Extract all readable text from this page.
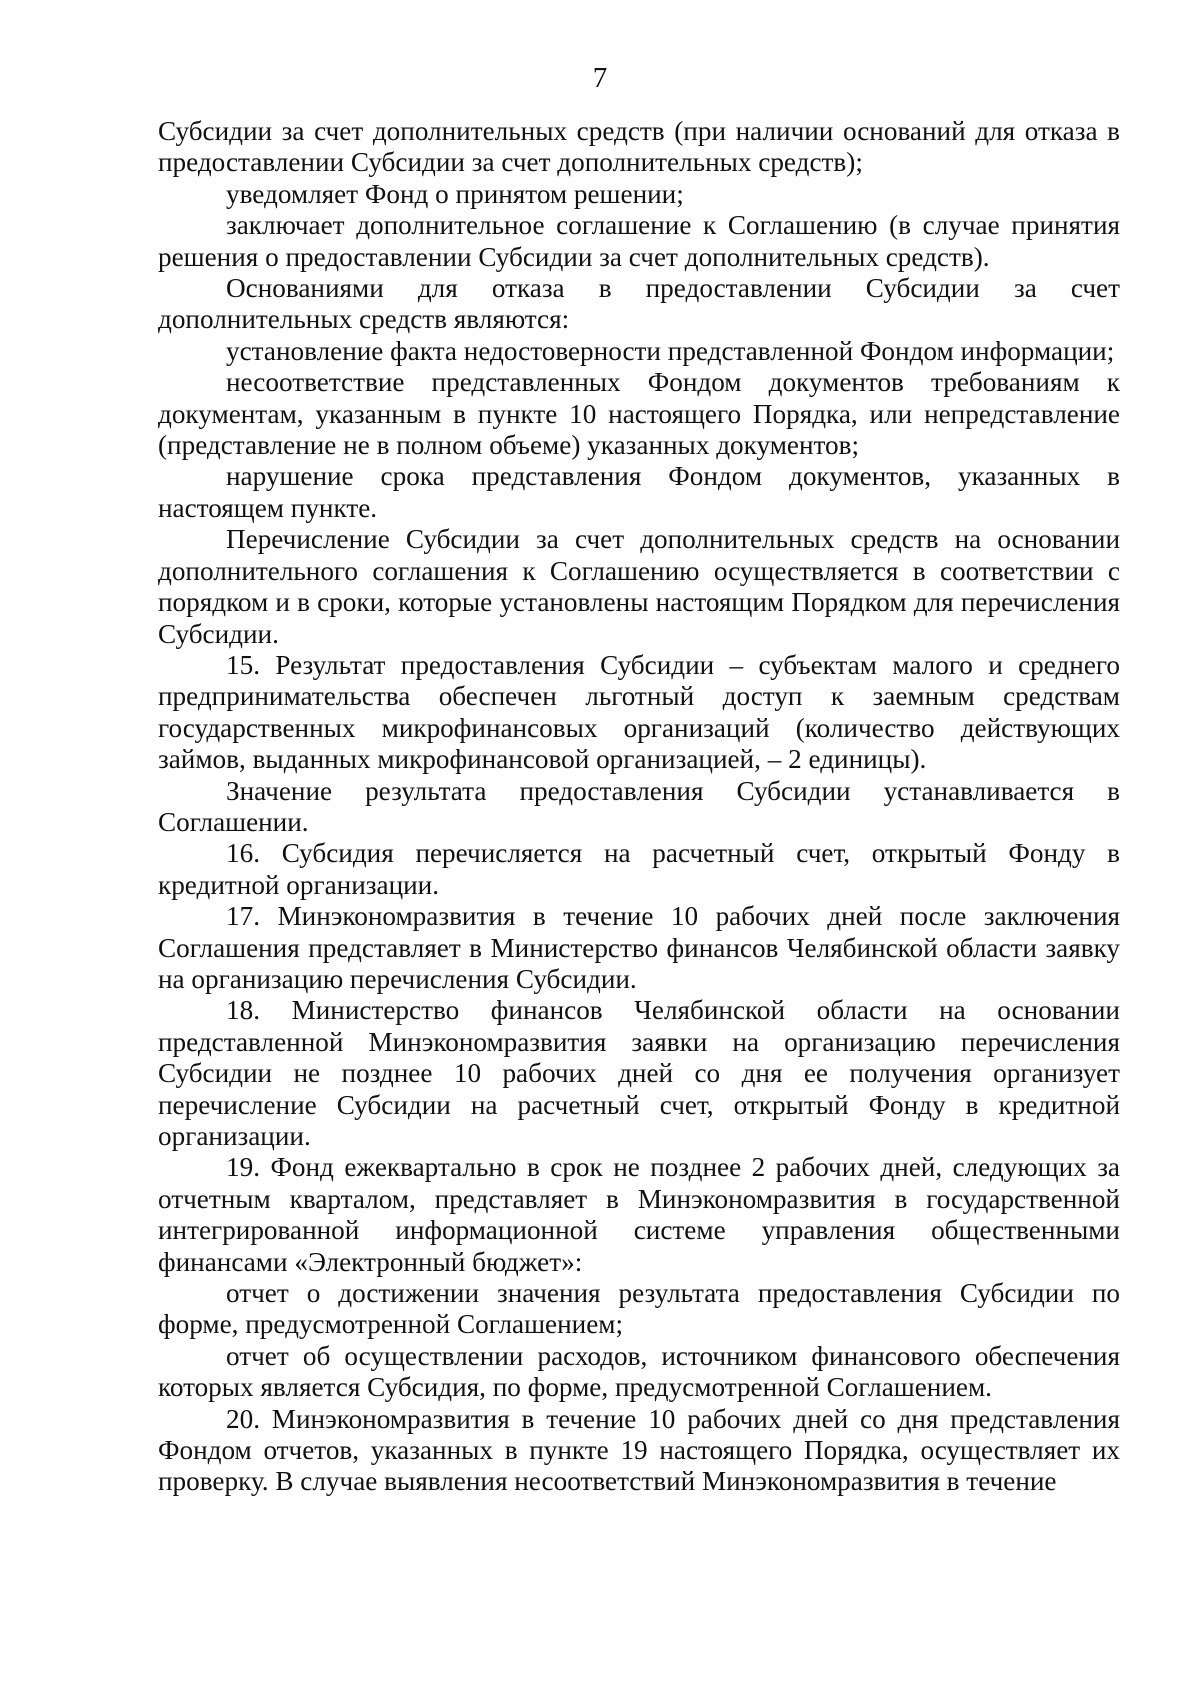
7

Субсидии за счет дополнительных средств (при наличии оснований для отказа в предоставлении Субсидии за счет дополнительных средств);

уведомляет Фонд о принятом решении;

заключает дополнительное соглашение к Соглашению (в случае принятия решения о предоставлении Субсидии за счет дополнительных средств).

Основаниями для отказа в предоставлении Субсидии за счет дополнительных средств являются:

установление факта недостоверности представленной Фондом информации;

несоответствие представленных Фондом документов требованиям к документам, указанным в пункте 10 настоящего Порядка, или непредставление (представление не в полном объеме) указанных документов;

нарушение срока представления Фондом документов, указанных в настоящем пункте.

Перечисление Субсидии за счет дополнительных средств на основании дополнительного соглашения к Соглашению осуществляется в соответствии с порядком и в сроки, которые установлены настоящим Порядком для перечисления Субсидии.

15. Результат предоставления Субсидии – субъектам малого и среднего предпринимательства обеспечен льготный доступ к заемным средствам государственных микрофинансовых организаций (количество действующих займов, выданных микрофинансовой организацией, – 2 единицы).

Значение результата предоставления Субсидии устанавливается в Соглашении.

16. Субсидия перечисляется на расчетный счет, открытый Фонду в кредитной организации.

17. Минэкономразвития в течение 10 рабочих дней после заключения Соглашения представляет в Министерство финансов Челябинской области заявку на организацию перечисления Субсидии.

18. Министерство финансов Челябинской области на основании представленной Минэкономразвития заявки на организацию перечисления Субсидии не позднее 10 рабочих дней со дня ее получения организует перечисление Субсидии на расчетный счет, открытый Фонду в кредитной организации.

19. Фонд ежеквартально в срок не позднее 2 рабочих дней, следующих за отчетным кварталом, представляет в Минэкономразвития в государственной интегрированной информационной системе управления общественными финансами «Электронный бюджет»:

отчет о достижении значения результата предоставления Субсидии по форме, предусмотренной Соглашением;

отчет об осуществлении расходов, источником финансового обеспечения которых является Субсидия, по форме, предусмотренной Соглашением.

20. Минэкономразвития в течение 10 рабочих дней со дня представления Фондом отчетов, указанных в пункте 19 настоящего Порядка, осуществляет их проверку. В случае выявления несоответствий Минэкономразвития в течение
